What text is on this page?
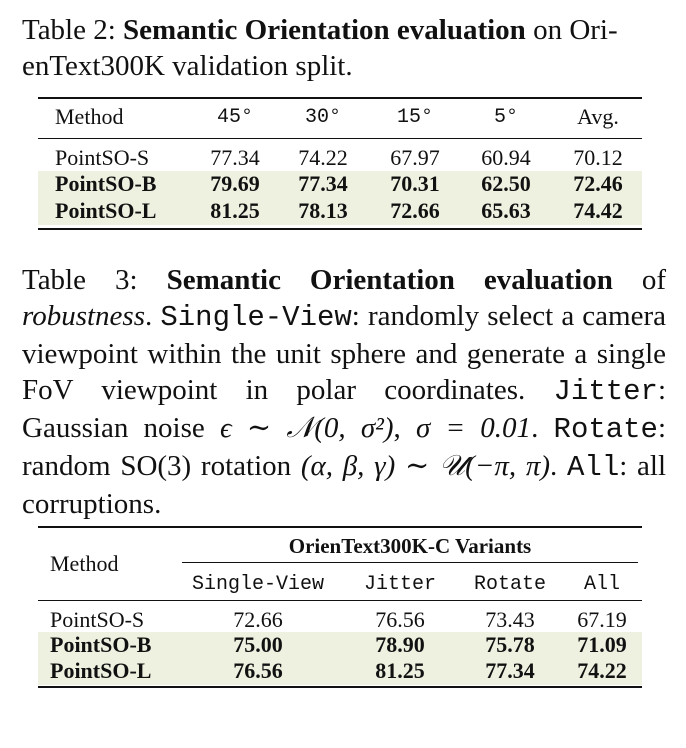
Table 2: Semantic Orientation evaluation on Ori-
enText300K validation split.
Method	45°	30°	15°	5°	Avg.
PointSO-S	77.34	74.22	67.97	60.94	70.12
PointSO-B	79.69	77.34	70.31	62.50	72.46
PointSO-L	81.25	78.13	72.66	65.63	74.42
Table 3: Semantic Orientation evaluation of robustness. Single-View: randomly select a camera viewpoint within the unit sphere and generate a single FoV viewpoint in polar coordinates. Jitter: Gaussian noise ϵ ∼ 𝒩(0, σ²), σ = 0.01. Rotate: random SO(3) rotation (α, β, γ) ∼ 𝒰(−π, π). All: all corruptions.
Method
OrienText300K-C Variants
Single-View	Jitter	Rotate	All
PointSO-S	72.66	76.56	73.43	67.19
PointSO-B	75.00	78.90	75.78	71.09
PointSO-L	76.56	81.25	77.34	74.22
